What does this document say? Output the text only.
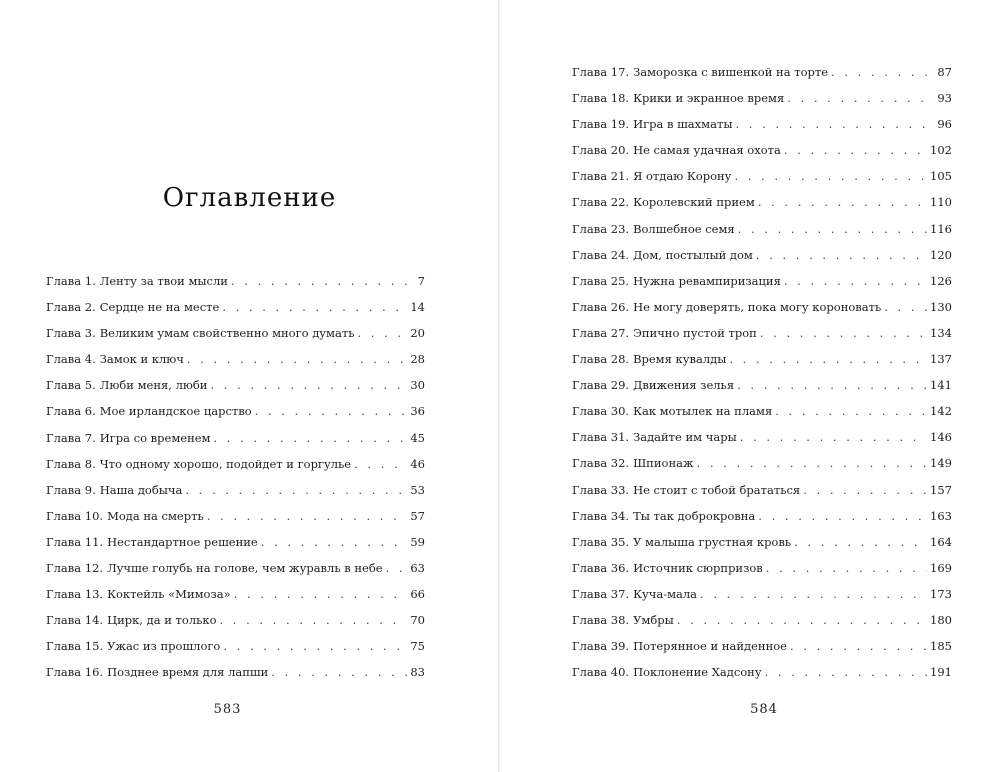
Оглавление
Глава 1. Ленту за твои мысли . . .	7
Глава 2. Сердце не на месте . . .	14
Глава 3. Великим умам свойственно много думать . . .	20
Глава 4. Замок и ключ . . .	28
Глава 5. Люби меня, люби . . .	30
Глава 6. Мое ирландское царство . . .	36
Глава 7. Игра со временем . . .	45
Глава 8. Что одному хорошо, подойдет и горгулье . . .	46
Глава 9. Наша добыча . . .	53
Глава 10. Мода на смерть . . .	57
Глава 11. Нестандартное решение . . .	59
Глава 12. Лучше голубь на голове, чем журавль в небе . . . 63
Глава 13. Коктейль «Мимоза» . . .	66
Глава 14. Цирк, да и только . . .	70
Глава 15. Ужас из прошлого . . .	75
Глава 16. Позднее время для лапши . . .	83
583
Глава 17. Заморозка с вишенкой на торте . . .	87
Глава 18. Крики и экранное время . . .	93
Глава 19. Игра в шахматы . . .	96
Глава 20. Не самая удачная охота . . .	102
Глава 21. Я отдаю Корону . . .	105
Глава 22. Королевский прием . . .	110
Глава 23. Волшебное семя . . .	116
Глава 24. Дом, постылый дом . . .	120
Глава 25. Нужна ревампиризация . . .	126
Глава 26. Не могу доверять, пока могу короновать . . .	130
Глава 27. Эпично пустой троп . . .	134
Глава 28. Время кувалды . . .	137
Глава 29. Движения зелья . . .	141
Глава 30. Как мотылек на пламя . . .	142
Глава 31. Задайте им чары . . .	146
Глава 32. Шпионаж . . .	149
Глава 33. Не стоит с тобой брататься . . .	157
Глава 34. Ты так доброкровна . . .	163
Глава 35. У малыша грустная кровь . . .	164
Глава 36. Источник сюрпризов . . .	169
Глава 37. Куча-мала . . .	173
Глава 38. Умбры . . .	180
Глава 39. Потерянное и найденное . . .	185
Глава 40. Поклонение Хадсону . . .	191
584
